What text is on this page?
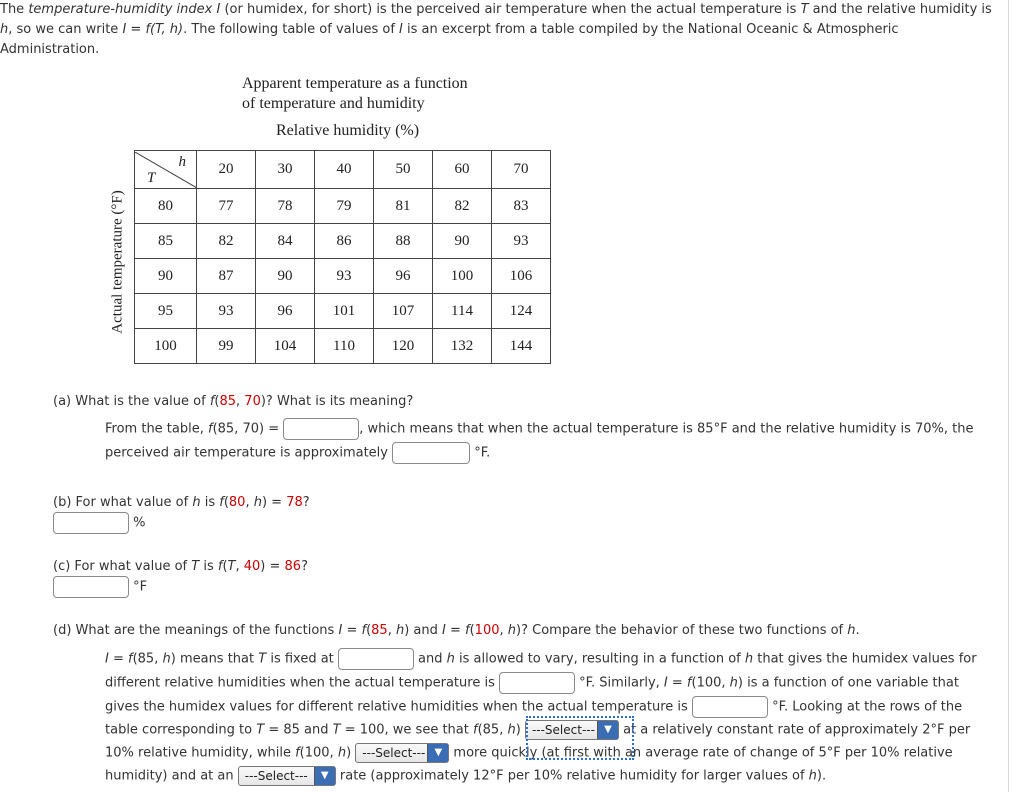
The temperature-humidity index I (or humidex, for short) is the perceived air temperature when the actual temperature is T and the relative humidity is h, so we can write I = f(T, h). The following table of values of I is an excerpt from a table compiled by the National Oceanic & Atmospheric Administration.
Apparent temperature as a function
of temperature and humidity
Relative humidity (%)
Actual temperature (°F)
h
T	20	30	40	50	60	70
80	77	78	79	81	82	83
85	82	84	86	88	90	93
90	87	90	93	96	100	106
95	93	96	101	107	114	124
100	99	104	110	120	132	144
(a) What is the value of f(85, 70)? What is its meaning?
From the table, f(85, 70) =	, which means that when the actual temperature is 85°F and the relative humidity is 70%, the
perceived air temperature is approximately	°F.
(b) For what value of h is f(80, h) = 78?
%
(c) For what value of T is f(T, 40) = 86?
°F
(d) What are the meanings of the functions I = f(85, h) and I = f(100, h)? Compare the behavior of these two functions of h.
I = f(85, h) means that T is fixed at	and h is allowed to vary, resulting in a function of h that gives the humidex values for
different relative humidities when the actual temperature is	°F. Similarly, I = f(100, h) is a function of one variable that
gives the humidex values for different relative humidities when the actual temperature is	°F. Looking at the rows of the
table corresponding to T = 85 and T = 100, we see that f(85, h) ---Select--- ▼ at a relatively constant rate of approximately 2°F per
10% relative humidity, while f(100, h) ---Select--- ▼ more quickly (at first with an average rate of change of 5°F per 10% relative
humidity) and at an ---Select---	▼ rate (approximately 12°F per 10% relative humidity for larger values of h).
